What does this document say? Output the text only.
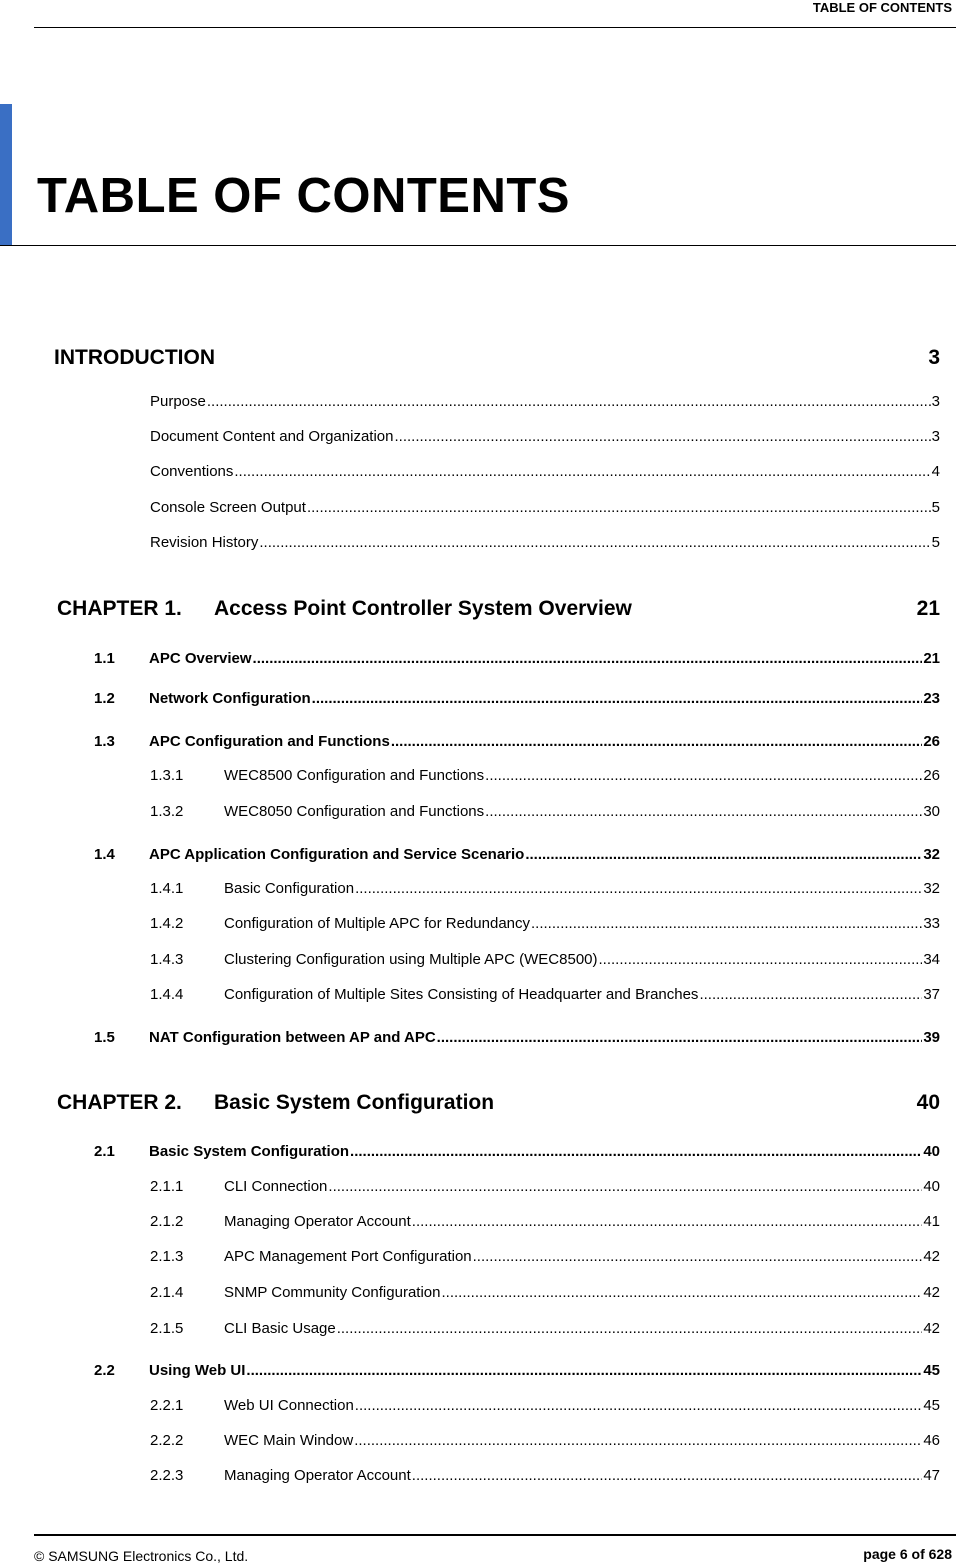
TABLE OF CONTENTS
TABLE OF CONTENTS
INTRODUCTION	3
Purpose .....	3
Document Content and Organization .....	3
Conventions .....	4
Console Screen Output .....	5
Revision History .....	5
CHAPTER 1.	Access Point Controller System Overview	21
1.1	APC Overview .....	21
1.2	Network Configuration .....	23
1.3	APC Configuration and Functions .....	26
1.3.1	WEC8500 Configuration and Functions .....	26
1.3.2	WEC8050 Configuration and Functions .....	30
1.4	APC Application Configuration and Service Scenario .....	32
1.4.1	Basic Configuration .....	32
1.4.2	Configuration of Multiple APC for Redundancy .....	33
1.4.3	Clustering Configuration using Multiple APC (WEC8500) .....	34
1.4.4	Configuration of Multiple Sites Consisting of Headquarter and Branches .....	37
1.5	NAT Configuration between AP and APC .....	39
CHAPTER 2.	Basic System Configuration	40
2.1	Basic System Configuration .....	40
2.1.1	CLI Connection .....	40
2.1.2	Managing Operator Account .....	41
2.1.3	APC Management Port Configuration .....	42
2.1.4	SNMP Community Configuration .....	42
2.1.5	CLI Basic Usage .....	42
2.2	Using Web UI .....	45
2.2.1	Web UI Connection .....	45
2.2.2	WEC Main Window .....	46
2.2.3	Managing Operator Account .....	47
© SAMSUNG Electronics Co., Ltd.	page 6 of 628
